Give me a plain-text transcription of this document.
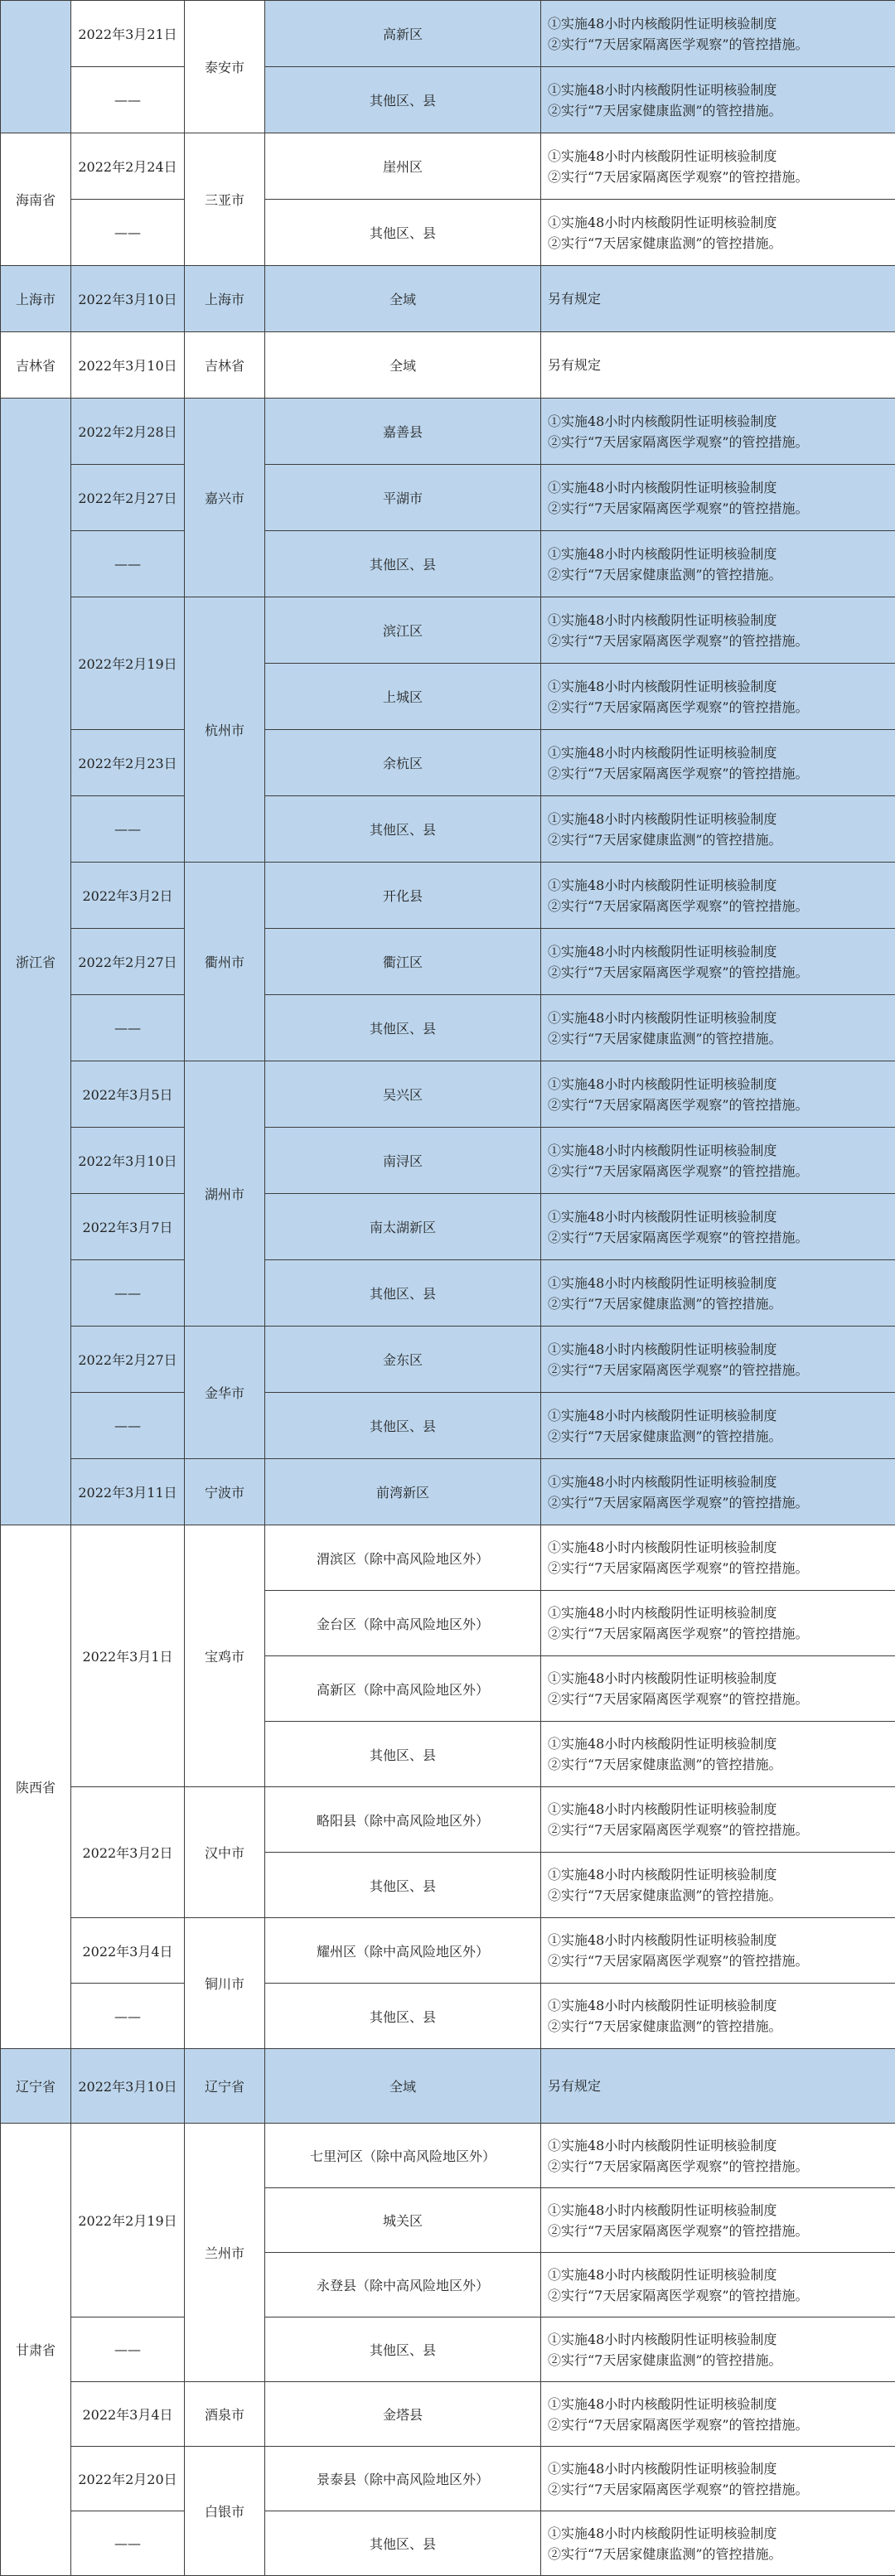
	2022年3月21日	泰安市	高新区	①实施48小时内核酸阴性证明核验制度
②实行“7天居家隔离医学观察”的管控措施。

	——		其他区、县	①实施48小时内核酸阴性证明核验制度
②实行“7天居家健康监测”的管控措施。

海南省	2022年2月24日	三亚市	崖州区	①实施48小时内核酸阴性证明核验制度
②实行“7天居家隔离医学观察”的管控措施。

	——		其他区、县	①实施48小时内核酸阴性证明核验制度
②实行“7天居家健康监测”的管控措施。

上海市	2022年3月10日	上海市	全域	另有规定
吉林省	2022年3月10日	吉林省	全域	另有规定
浙江省	2022年2月28日	嘉兴市	嘉善县	①实施48小时内核酸阴性证明核验制度
②实行“7天居家隔离医学观察”的管控措施。

	2022年2月27日		平湖市	①实施48小时内核酸阴性证明核验制度
②实行“7天居家隔离医学观察”的管控措施。

	——		其他区、县	①实施48小时内核酸阴性证明核验制度
②实行“7天居家健康监测”的管控措施。

	2022年2月19日	杭州市	滨江区	①实施48小时内核酸阴性证明核验制度
②实行“7天居家隔离医学观察”的管控措施。

			上城区	①实施48小时内核酸阴性证明核验制度
②实行“7天居家隔离医学观察”的管控措施。

	2022年2月23日		余杭区	①实施48小时内核酸阴性证明核验制度
②实行“7天居家隔离医学观察”的管控措施。

	——		其他区、县	①实施48小时内核酸阴性证明核验制度
②实行“7天居家健康监测”的管控措施。

	2022年3月2日	衢州市	开化县	①实施48小时内核酸阴性证明核验制度
②实行“7天居家隔离医学观察”的管控措施。

	2022年2月27日		衢江区	①实施48小时内核酸阴性证明核验制度
②实行“7天居家隔离医学观察”的管控措施。

	——		其他区、县	①实施48小时内核酸阴性证明核验制度
②实行“7天居家健康监测”的管控措施。

	2022年3月5日	湖州市	吴兴区	①实施48小时内核酸阴性证明核验制度
②实行“7天居家隔离医学观察”的管控措施。

	2022年3月10日		南浔区	①实施48小时内核酸阴性证明核验制度
②实行“7天居家隔离医学观察”的管控措施。

	2022年3月7日		南太湖新区	①实施48小时内核酸阴性证明核验制度
②实行“7天居家隔离医学观察”的管控措施。

	——		其他区、县	①实施48小时内核酸阴性证明核验制度
②实行“7天居家健康监测”的管控措施。

	2022年2月27日	金华市	金东区	①实施48小时内核酸阴性证明核验制度
②实行“7天居家隔离医学观察”的管控措施。

	——		其他区、县	①实施48小时内核酸阴性证明核验制度
②实行“7天居家健康监测”的管控措施。

	2022年3月11日	宁波市	前湾新区	①实施48小时内核酸阴性证明核验制度
②实行“7天居家隔离医学观察”的管控措施。

陕西省	2022年3月1日	宝鸡市	渭滨区（除中高风险地区外）	①实施48小时内核酸阴性证明核验制度
②实行“7天居家隔离医学观察”的管控措施。

			金台区（除中高风险地区外）	①实施48小时内核酸阴性证明核验制度
②实行“7天居家隔离医学观察”的管控措施。

			高新区（除中高风险地区外）	①实施48小时内核酸阴性证明核验制度
②实行“7天居家隔离医学观察”的管控措施。

			其他区、县	①实施48小时内核酸阴性证明核验制度
②实行“7天居家健康监测”的管控措施。

	2022年3月2日	汉中市	略阳县（除中高风险地区外）	①实施48小时内核酸阴性证明核验制度
②实行“7天居家隔离医学观察”的管控措施。

			其他区、县	①实施48小时内核酸阴性证明核验制度
②实行“7天居家健康监测”的管控措施。

	2022年3月4日	铜川市	耀州区（除中高风险地区外）	①实施48小时内核酸阴性证明核验制度
②实行“7天居家隔离医学观察”的管控措施。

	——		其他区、县	①实施48小时内核酸阴性证明核验制度
②实行“7天居家健康监测”的管控措施。

辽宁省	2022年3月10日	辽宁省	全域	另有规定
甘肃省	2022年2月19日	兰州市	七里河区（除中高风险地区外）	①实施48小时内核酸阴性证明核验制度
②实行“7天居家隔离医学观察”的管控措施。

			城关区	①实施48小时内核酸阴性证明核验制度
②实行“7天居家隔离医学观察”的管控措施。

			永登县（除中高风险地区外）	①实施48小时内核酸阴性证明核验制度
②实行“7天居家隔离医学观察”的管控措施。

	——		其他区、县	①实施48小时内核酸阴性证明核验制度
②实行“7天居家健康监测”的管控措施。

	2022年3月4日	酒泉市	金塔县	①实施48小时内核酸阴性证明核验制度
②实行“7天居家隔离医学观察”的管控措施。

	2022年2月20日	白银市	景泰县（除中高风险地区外）	①实施48小时内核酸阴性证明核验制度
②实行“7天居家隔离医学观察”的管控措施。

	——		其他区、县	①实施48小时内核酸阴性证明核验制度
②实行“7天居家健康监测”的管控措施。
